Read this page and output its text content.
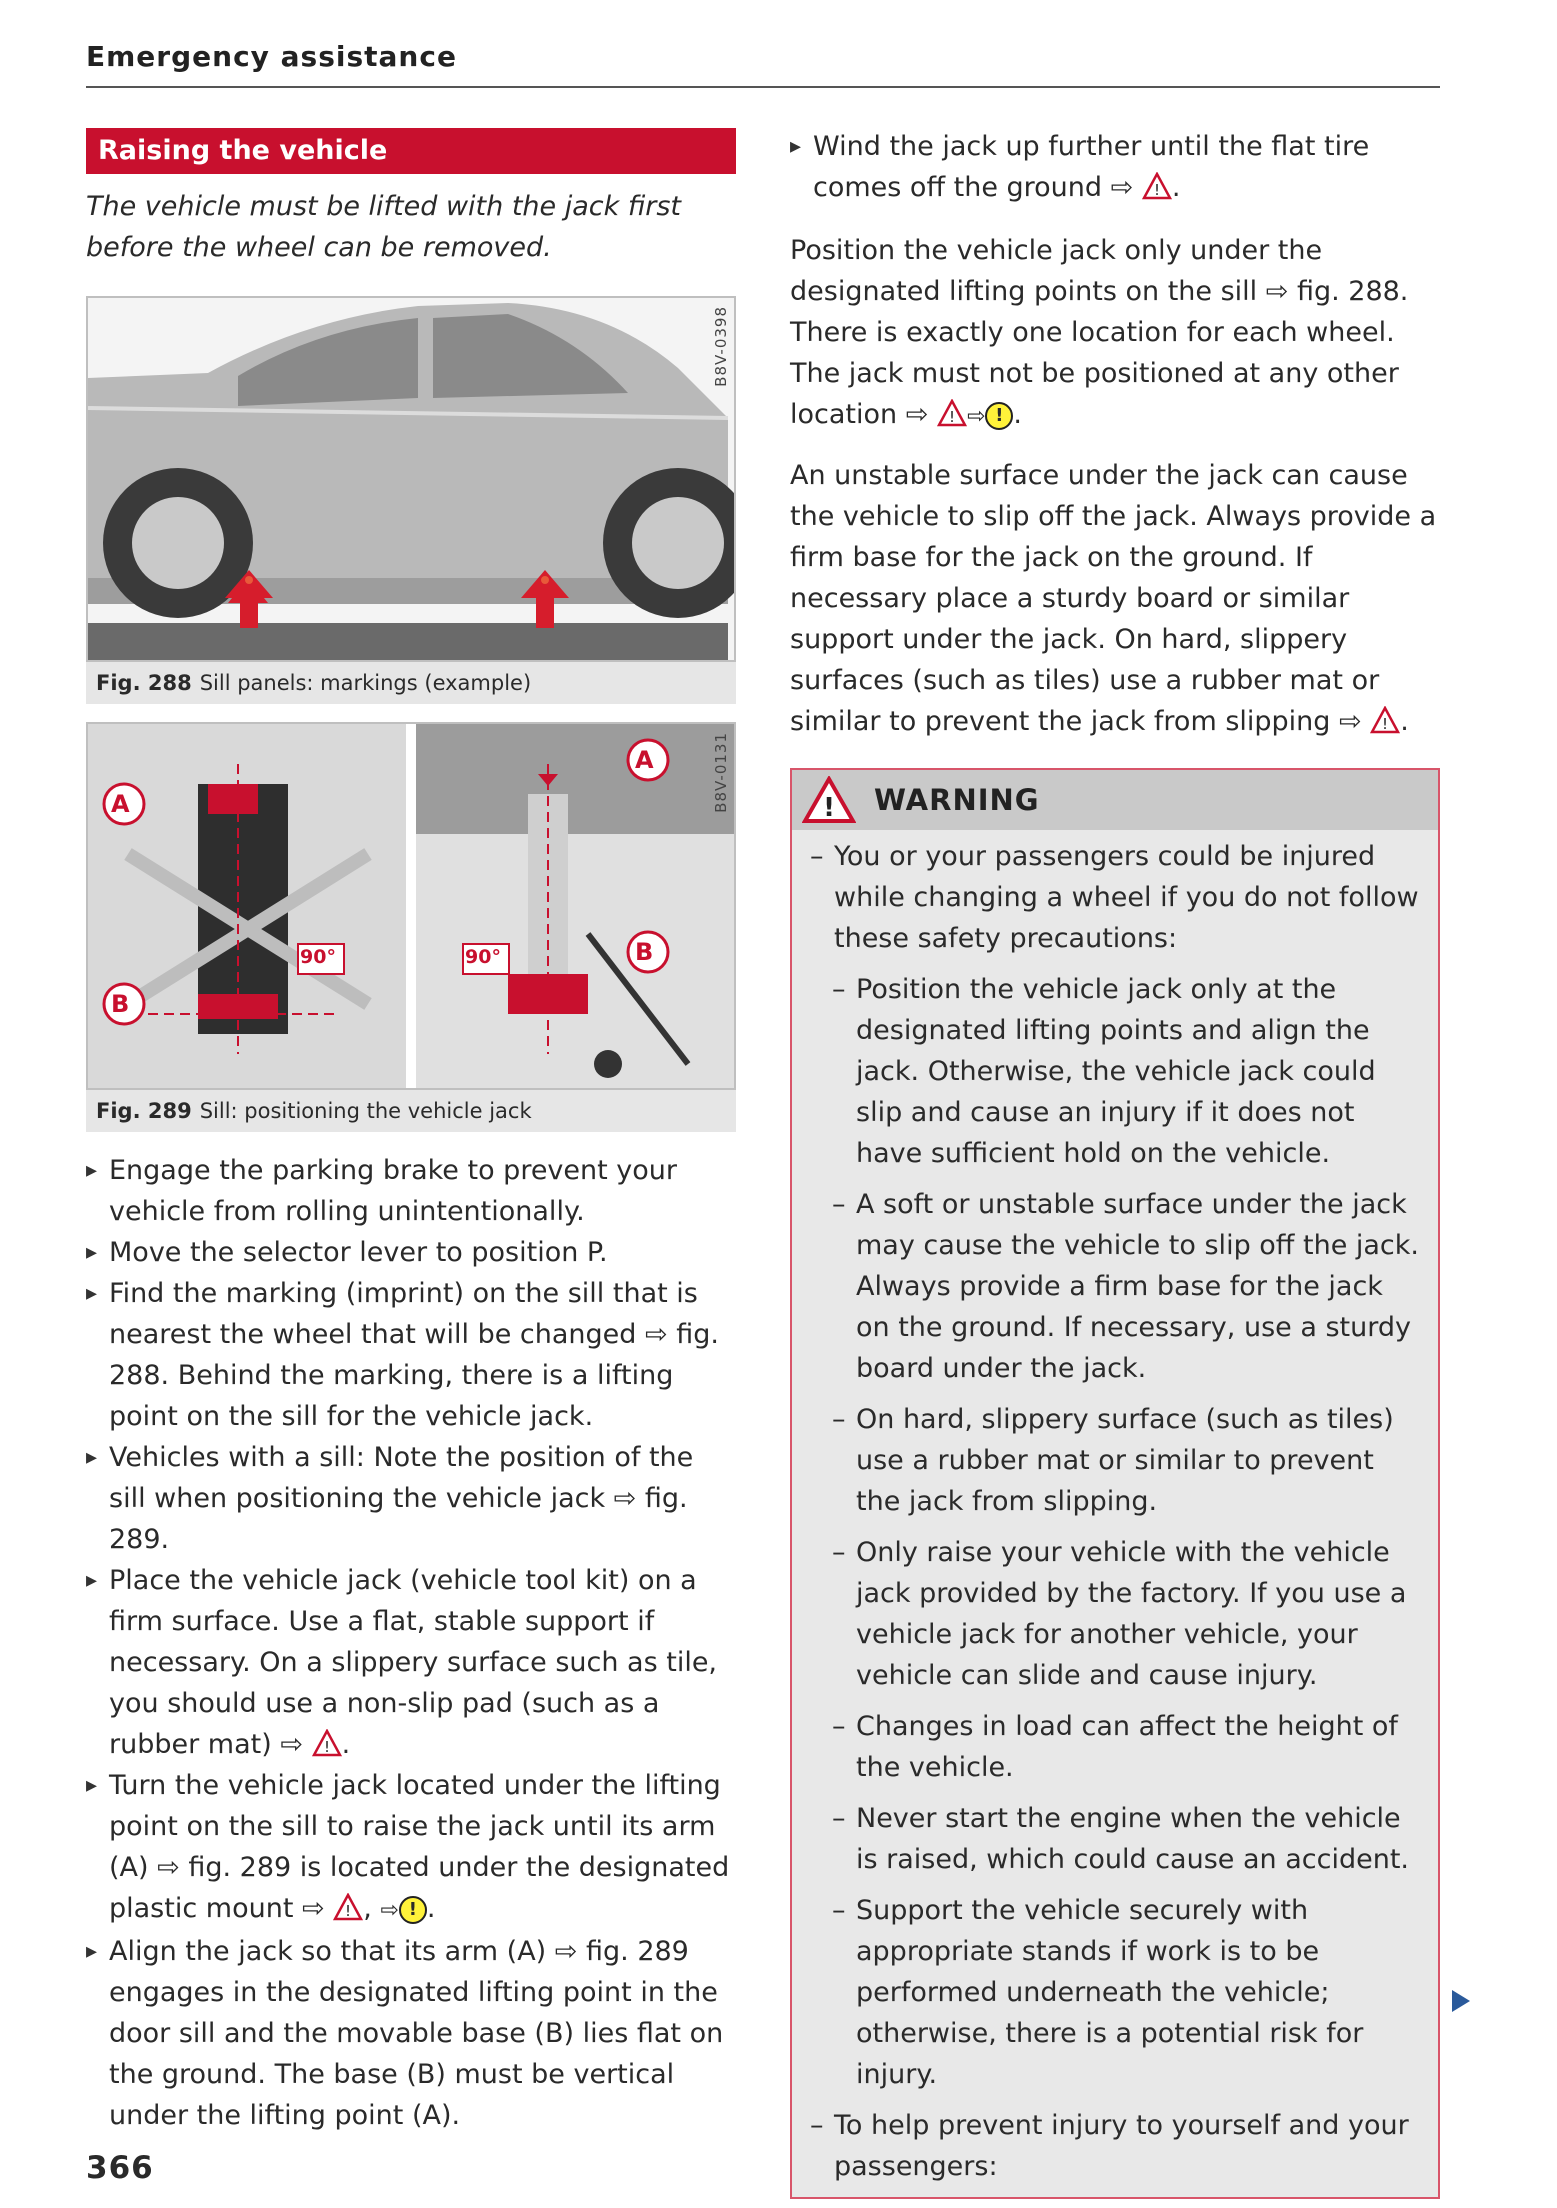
Emergency assistance
Raising the vehicle

The vehicle must be lifted with the jack first before the wheel can be removed.

B8V-0398
Fig. 288 Sill panels: markings (example)
B8V-0131
A
B
90°
A
B
90°
Fig. 289 Sill: positioning the vehicle jack
▸ Engage the parking brake to prevent your vehicle from rolling unintentionally.
▸ Move the selector lever to position P.
▸ Find the marking (imprint) on the sill that is nearest the wheel that will be changed ⇨ fig. 288. Behind the marking, there is a lifting point on the sill for the vehicle jack.
▸ Vehicles with a sill: Note the position of the sill when positioning the vehicle jack ⇨ fig. 289.
▸ Place the vehicle jack (vehicle tool kit) on a firm surface. Use a flat, stable support if necessary. On a slippery surface such as tile, you should use a non-slip pad (such as a rubber mat) ⇨ ! .
▸ Turn the vehicle jack located under the lifting point on the sill to raise the jack until its arm (A) ⇨ fig. 289 is located under the designated plastic mount ⇨ ! , ⇨ ! .
▸ Align the jack so that its arm (A) ⇨ fig. 289 engages in the designated lifting point in the door sill and the movable base (B) lies flat on the ground. The base (B) must be vertical under the lifting point (A).
▸ Wind the jack up further until the flat tire comes off the ground ⇨ ! .

Position the vehicle jack only under the designated lifting points on the sill ⇨ fig. 288. There is exactly one location for each wheel. The jack must not be positioned at any other location ⇨ ! ⇨ ! .

An unstable surface under the jack can cause the vehicle to slip off the jack. Always provide a firm base for the jack on the ground. If necessary place a sturdy board or similar support under the jack. On hard, slippery surfaces (such as tiles) use a rubber mat or similar to prevent the jack from slipping ⇨ ! .

! WARNING
– You or your passengers could be injured while changing a wheel if you do not follow these safety precautions:
– Position the vehicle jack only at the designated lifting points and align the jack. Otherwise, the vehicle jack could slip and cause an injury if it does not have sufficient hold on the vehicle.
– A soft or unstable surface under the jack may cause the vehicle to slip off the jack. Always provide a firm base for the jack on the ground. If necessary, use a sturdy board under the jack.
– On hard, slippery surface (such as tiles) use a rubber mat or similar to prevent the jack from slipping.
– Only raise your vehicle with the vehicle jack provided by the factory. If you use a vehicle jack for another vehicle, your vehicle can slide and cause injury.
– Changes in load can affect the height of the vehicle.
– Never start the engine when the vehicle is raised, which could cause an accident.
– Support the vehicle securely with appropriate stands if work is to be performed underneath the vehicle; otherwise, there is a potential risk for injury.
– To help prevent injury to yourself and your passengers:
366
